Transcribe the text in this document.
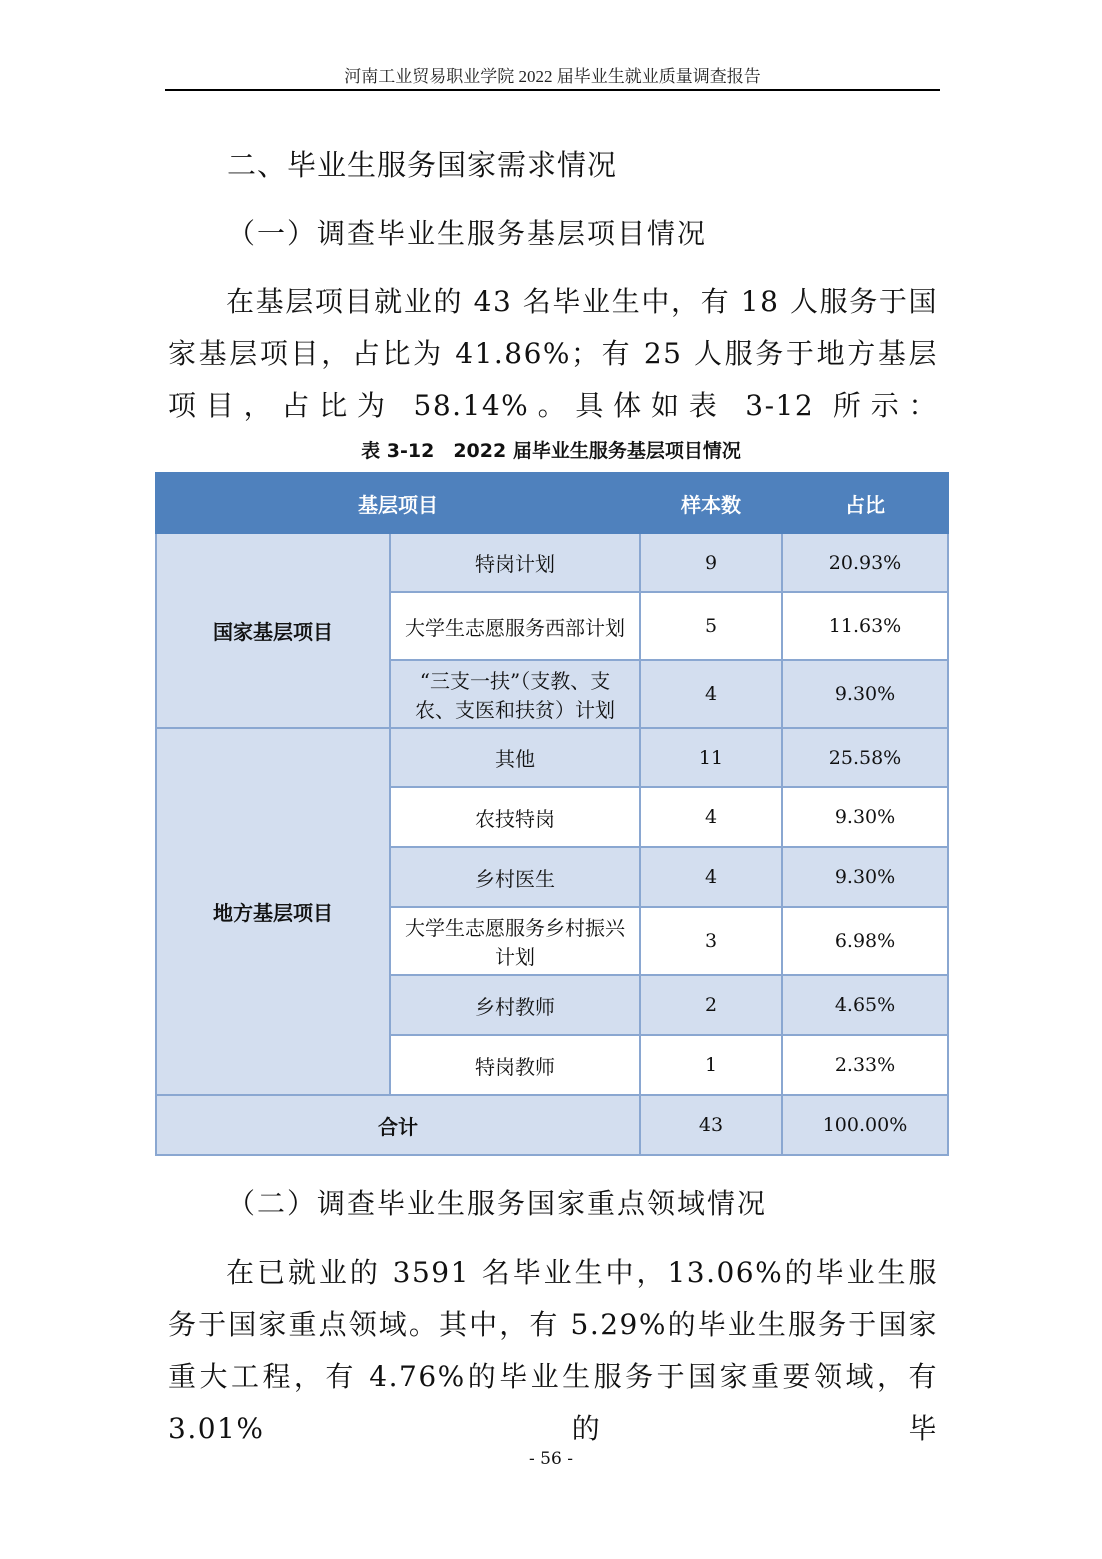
河南工业贸易职业学院 2022 届毕业生就业质量调查报告
二、毕业生服务国家需求情况
（一）调查毕业生服务基层项目情况
在基层项目就业的 43 名毕业生中，有 18 人服务于国家基层项目，占比为 41.86%；有 25 人服务于地方基层项目，占比为 58.14%。具体如表 3-12 所示：
表 3-12　2022 届毕业生服务基层项目情况
基层项目		样本数	占比
国家基层项目	特岗计划	9	20.93%
	大学生志愿服务西部计划	5	11.63%
	“三支一扶”（支教、支农、支医和扶贫）计划	4	9.30%
地方基层项目	其他	11	25.58%
	农技特岗	4	9.30%
	乡村医生	4	9.30%
	大学生志愿服务乡村振兴计划	3	6.98%
	乡村教师	2	4.65%
	特岗教师	1	2.33%
合计		43	100.00%
（二）调查毕业生服务国家重点领域情况
在已就业的 3591 名毕业生中，13.06%的毕业生服务于国家重点领域。其中，有 5.29%的毕业生服务于国家重大工程，有 4.76%的毕业生服务于国家重要领域，有 3.01%的毕
- 56 -
